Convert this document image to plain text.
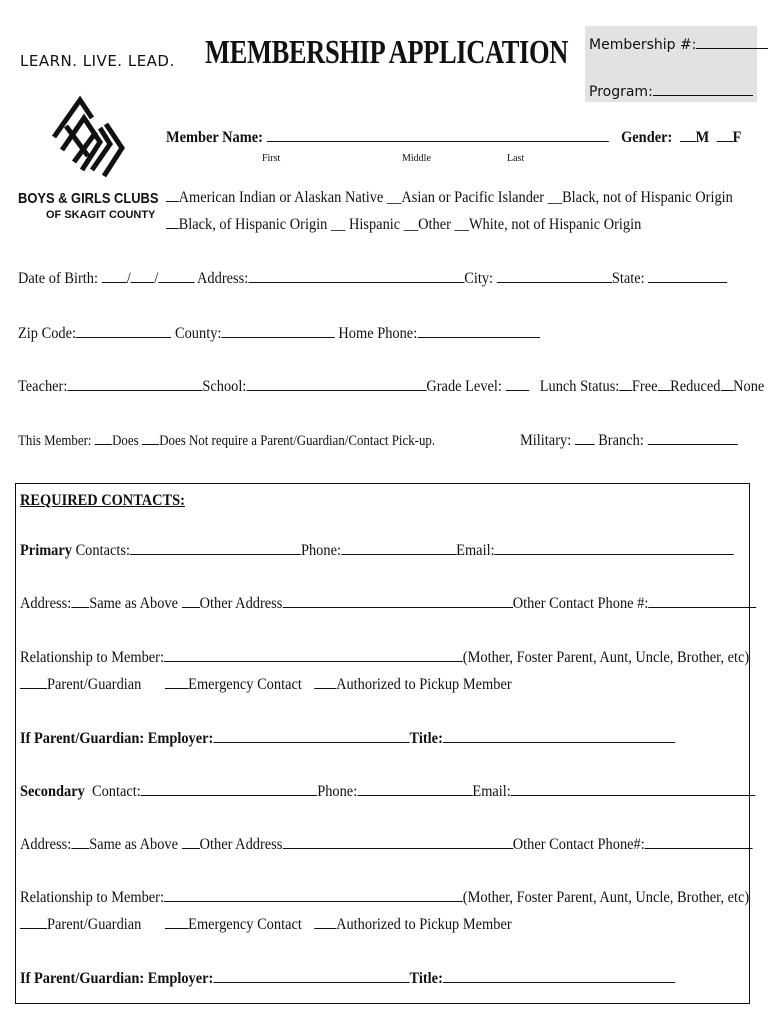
LEARN. LIVE. LEAD. MEMBERSHIP APPLICATION Membership #:
Program:
BOYS & GIRLS CLUBS
OF SKAGIT COUNTY
Member Name:	Gender: M F
First	Middle	Last
American Indian or Alaskan Native __Asian or Pacific Islander __Black, not of Hispanic Origin
Black, of Hispanic Origin __ Hispanic __Other __White, not of Hispanic Origin
Date of Birth: / / Address:	City:	State:
Zip Code:	County:	Home Phone:
Teacher:	School:	Grade Level: Lunch Status: Free Reduced None
This Member: Does Does Not require a Parent/Guardian/Contact Pick-up.	Military: Branch:
REQUIRED CONTACTS:
Primary Contacts:	Phone:	Email:
Address: Same as Above Other Address	Other Contact Phone #:
Relationship to Member:	(Mother, Foster Parent, Aunt, Uncle, Brother, etc)
Parent/Guardian	Emergency Contact Authorized to Pickup Member
If Parent/Guardian: Employer:	Title:
Secondary Contact:	Phone:	Email:
Address: Same as Above Other Address	Other Contact Phone#:
Relationship to Member:	(Mother, Foster Parent, Aunt, Uncle, Brother, etc)
Parent/Guardian	Emergency Contact Authorized to Pickup Member
If Parent/Guardian: Employer:	Title:
